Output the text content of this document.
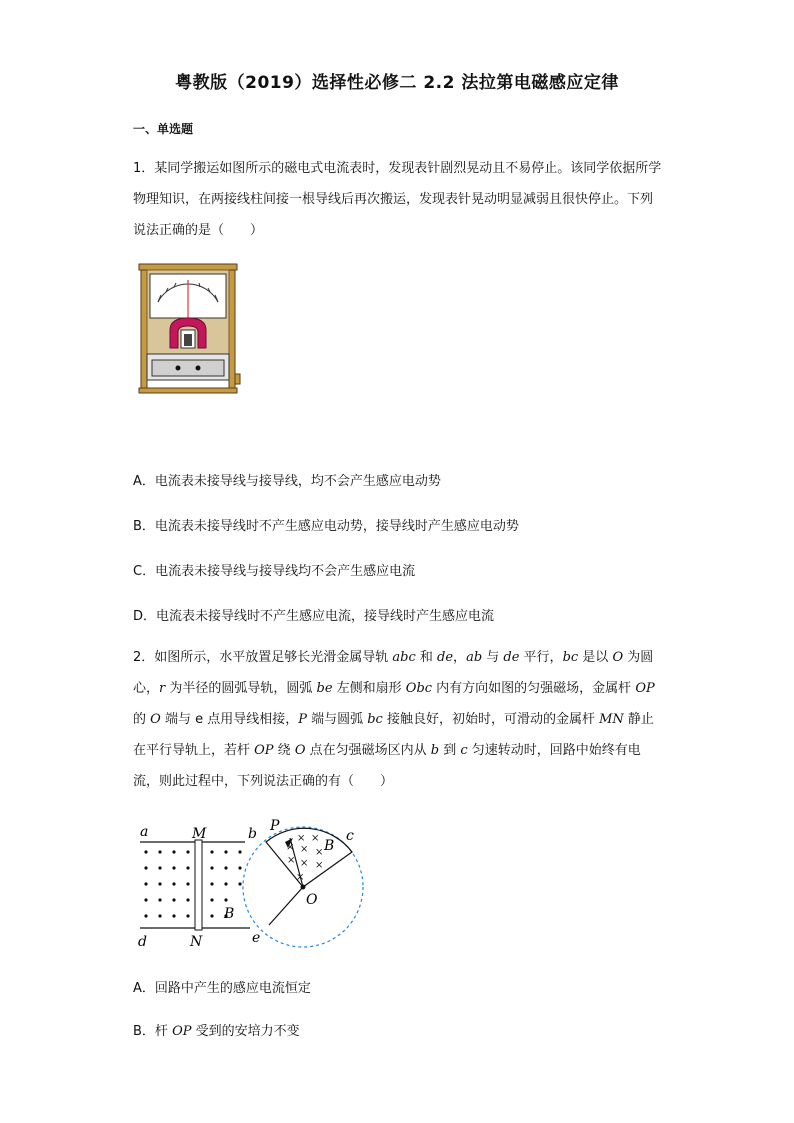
粤教版（2019）选择性必修二 2.2 法拉第电磁感应定律
一、单选题
1．某同学搬运如图所示的磁电式电流表时，发现表针剧烈晃动且不易停止。该同学依据所学物理知识，在两接线柱间接一根导线后再次搬运，发现表针晃动明显减弱且很快停止。下列说法正确的是（　　）
A．电流表未接导线与接导线，均不会产生感应电动势
B．电流表未接导线时不产生感应电动势，接导线时产生感应电动势
C．电流表未接导线与接导线均不会产生感应电流
D．电流表未接导线时不产生感应电流，接导线时产生感应电流
2．如图所示，水平放置足够长光滑金属导轨 abc 和 de，ab 与 de 平行，bc 是以 O 为圆心，r 为半径的圆弧导轨，圆弧 be 左侧和扇形 Obc 内有方向如图的匀强磁场，金属杆 OP 的 O 端与 e 点用导线相接，P 端与圆弧 bc 接触良好，初始时，可滑动的金属杆 MN 静止在平行导轨上，若杆 OP 绕 O 点在匀强磁场区内从 b 到 c 匀速转动时，回路中始终有电流，则此过程中，下列说法正确的有（　　）
× ×
× × ×
× × ×
×
a	M	b P
c
B
O
B
d	N	e
A．回路中产生的感应电流恒定
B．杆 OP 受到的安培力不变
